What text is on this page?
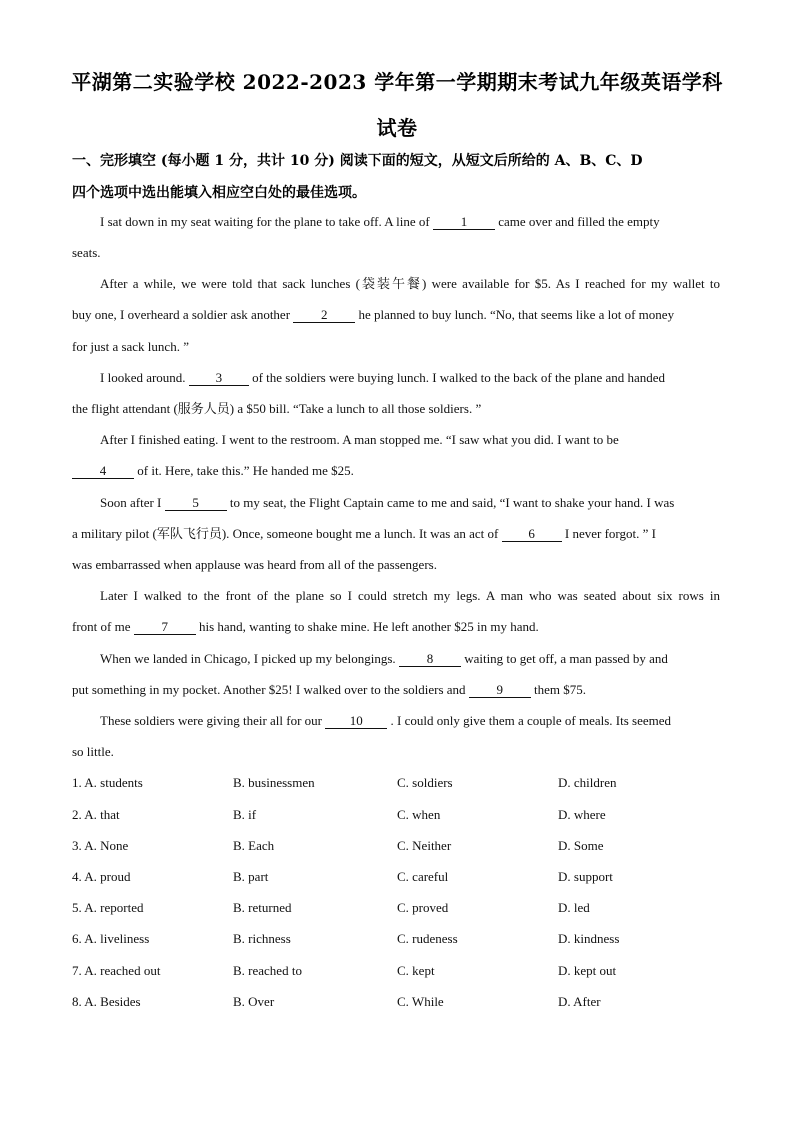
平湖第二实验学校 2022-2023 学年第一学期期末考试九年级英语学科
试卷
一、完形填空 (每小题 1 分，共计 10 分) 阅读下面的短文，从短文后所给的 A、B、C、D
四个选项中选出能填入相应空白处的最佳选项。
I sat down in my seat waiting for the plane to take off. A line of 1 came over and filled the empty
seats.
After a while, we were told that sack lunches (袋装午餐) were available for $5. As I reached for my wallet to
buy one, I overheard a soldier ask another 2 he planned to buy lunch. “No, that seems like a lot of money
for just a sack lunch. ”
I looked around. 3 of the soldiers were buying lunch. I walked to the back of the plane and handed
the flight attendant (服务人员) a $50 bill. “Take a lunch to all those soldiers. ”
After I finished eating. I went to the restroom. A man stopped me. “I saw what you did. I want to be
4 of it. Here, take this.” He handed me $25.
Soon after I 5 to my seat, the Flight Captain came to me and said, “I want to shake your hand. I was
a military pilot (军队飞行员). Once, someone bought me a lunch. It was an act of 6 I never forgot. ” I
was embarrassed when applause was heard from all of the passengers.
Later I walked to the front of the plane so I could stretch my legs. A man who was seated about six rows in
front of me 7 his hand, wanting to shake mine. He left another $25 in my hand.
When we landed in Chicago, I picked up my belongings. 8 waiting to get off, a man passed by and
put something in my pocket. Another $25! I walked over to the soldiers and 9 them $75.
These soldiers were giving their all for our 10 . I could only give them a couple of meals. Its seemed
so little.
1. A. students	B. businessmen	C. soldiers	D. children
2. A. that	B. if	C. when	D. where
3. A. None	B. Each	C. Neither	D. Some
4. A. proud	B. part	C. careful	D. support
5. A. reported	B. returned	C. proved	D. led
6. A. liveliness	B. richness	C. rudeness	D. kindness
7. A. reached out	B. reached to	C. kept	D. kept out
8. A. Besides	B. Over	C. While	D. After
